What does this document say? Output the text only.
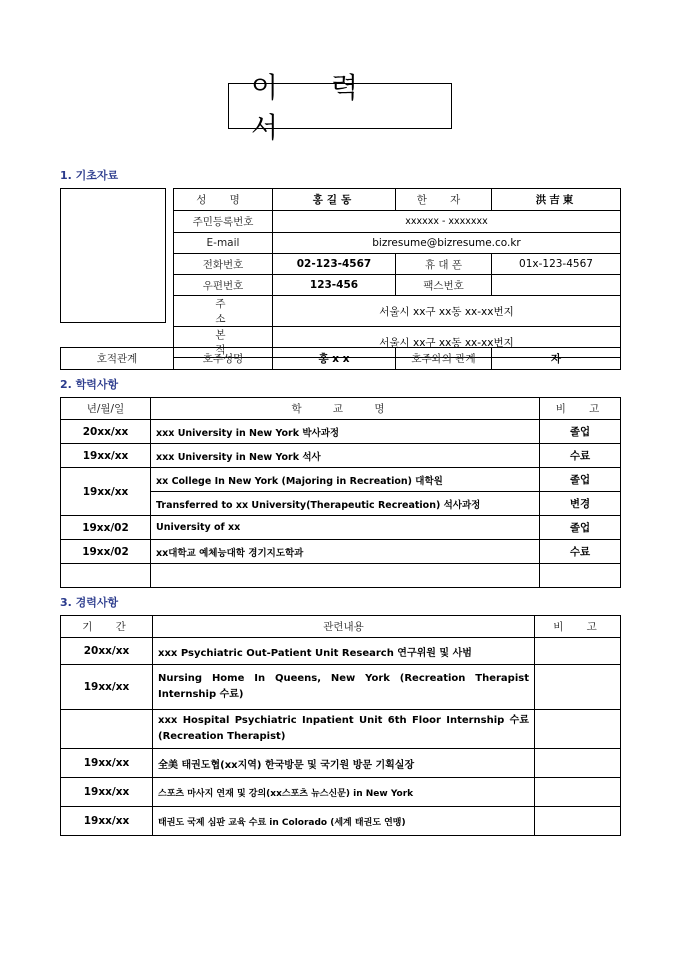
이 력 서
1. 기초자료
성 명	홍길동	한 자	洪吉東
주민등록번호	xxxxxx - xxxxxxx		
E-mail	bizresume@bizresume.co.kr		
전화번호	02-123-4567	휴 대 폰	01x-123-4567
우편번호	123-456	팩스번호	
주 소	서울시 xx구 xx동 xx-xx번지		
본 적	서울시 xx구 xx동 xx-xx번지		
호적관계	호주성명	홍 x x	호주와의 관계	자
2. 학력사항
년/월/일	학 교 명	비 고
20xx/xx	xxx University in New York 박사과정	졸업
19xx/xx	xxx University in New York 석사	수료
19xx/xx	xx College In New York (Majoring in Recreation) 대학원	졸업
	Transferred to xx University(Therapeutic Recreation) 석사과정	변경
19xx/02	University of xx	졸업
19xx/02	xx대학교 예체능대학 경기지도학과	수료

3. 경력사항
기 간	관련내용	비 고
20xx/xx	xxx Psychiatric Out-Patient Unit Research 연구위원 및 사범	
19xx/xx	Nursing Home In Queens, New York (Recreation Therapist Internship 수료)	
	xxx Hospital Psychiatric Inpatient Unit 6th Floor Internship 수료 (Recreation Therapist)	
19xx/xx	全美 태권도협(xx지역) 한국방문 및 국기원 방문 기획실장	
19xx/xx	스포츠 마사지 연재 및 강의(xx스포츠 뉴스신문) in New York	
19xx/xx	태권도 국제 심판 교육 수료 in Colorado (세계 태권도 연맹)	
